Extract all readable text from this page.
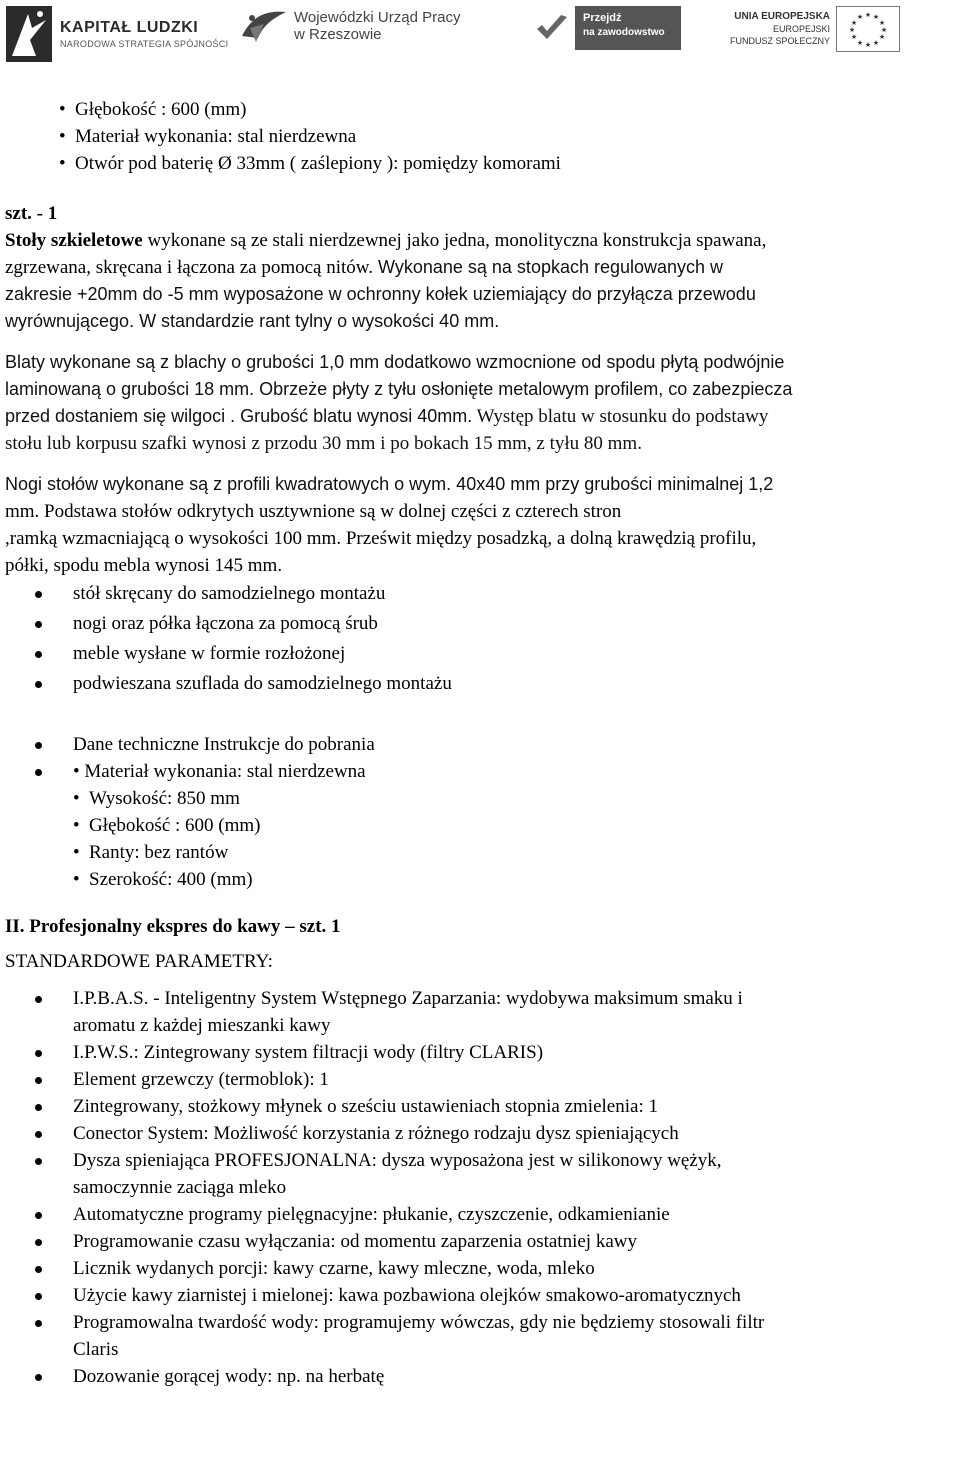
KAPITAŁ LUDZKI
NARODOWA STRATEGIA SPÓJNOŚCI
Wojewódzki Urząd Pracy
w Rzeszowie
Przejdź
na zawodowstwo
UNIA EUROPEJSKA
EUROPEJSKI
FUNDUSZ SPOŁECZNY
★ ★
★
★
★
★
★
★
★
★
★
★
• Głębokość : 600 (mm)
• Materiał wykonania: stal nierdzewna
• Otwór pod baterię Ø 33mm ( zaślepiony ): pomiędzy komorami
szt. - 1
Stoły szkieletowe wykonane są ze stali nierdzewnej jako jedna, monolityczna konstrukcja spawana,
zgrzewana, skręcana i łączona za pomocą nitów. Wykonane są na stopkach regulowanych w
zakresie +20mm do -5 mm wyposażone w ochronny kołek uziemiający do przyłącza przewodu
wyrównującego. W standardzie rant tylny o wysokości 40 mm.
Blaty wykonane są z blachy o grubości 1,0 mm dodatkowo wzmocnione od spodu płytą podwójnie
laminowaną o grubości 18 mm. Obrzeże płyty z tyłu osłonięte metalowym profilem, co zabezpiecza
przed dostaniem się wilgoci . Grubość blatu wynosi 40mm. Występ blatu w stosunku do podstawy
stołu lub korpusu szafki wynosi z przodu 30 mm i po bokach 15 mm, z tyłu 80 mm.
Nogi stołów wykonane są z profili kwadratowych o wym. 40x40 mm przy grubości minimalnej 1,2
mm. Podstawa stołów odkrytych usztywnione są w dolnej części z czterech stron
,ramką wzmacniającą o wysokości 100 mm. Prześwit między posadzką, a dolną krawędzią profilu,
półki, spodu mebla wynosi 145 mm.
stół skręcany do samodzielnego montażu
nogi oraz półka łączona za pomocą śrub
meble wysłane w formie rozłożonej
podwieszana szuflada do samodzielnego montażu
Dane techniczne Instrukcje do pobrania
• Materiał wykonania: stal nierdzewna
• Wysokość: 850 mm
• Głębokość : 600 (mm)
• Ranty: bez rantów
• Szerokość: 400 (mm)
II. Profesjonalny ekspres do kawy – szt. 1
STANDARDOWE PARAMETRY:
I.P.B.A.S. - Inteligentny System Wstępnego Zaparzania: wydobywa maksimum smaku i
aromatu z każdej mieszanki kawy
I.P.W.S.: Zintegrowany system filtracji wody (filtry CLARIS)
Element grzewczy (termoblok): 1
Zintegrowany, stożkowy młynek o sześciu ustawieniach stopnia zmielenia: 1
Conector System: Możliwość korzystania z różnego rodzaju dysz spieniających
Dysza spieniająca PROFESJONALNA: dysza wyposażona jest w silikonowy wężyk,
samoczynnie zaciąga mleko
Automatyczne programy pielęgnacyjne: płukanie, czyszczenie, odkamienianie
Programowanie czasu wyłączania: od momentu zaparzenia ostatniej kawy
Licznik wydanych porcji: kawy czarne, kawy mleczne, woda, mleko
Użycie kawy ziarnistej i mielonej: kawa pozbawiona olejków smakowo-aromatycznych
Programowalna twardość wody: programujemy wówczas, gdy nie będziemy stosowali filtr
Claris
Dozowanie gorącej wody: np. na herbatę
